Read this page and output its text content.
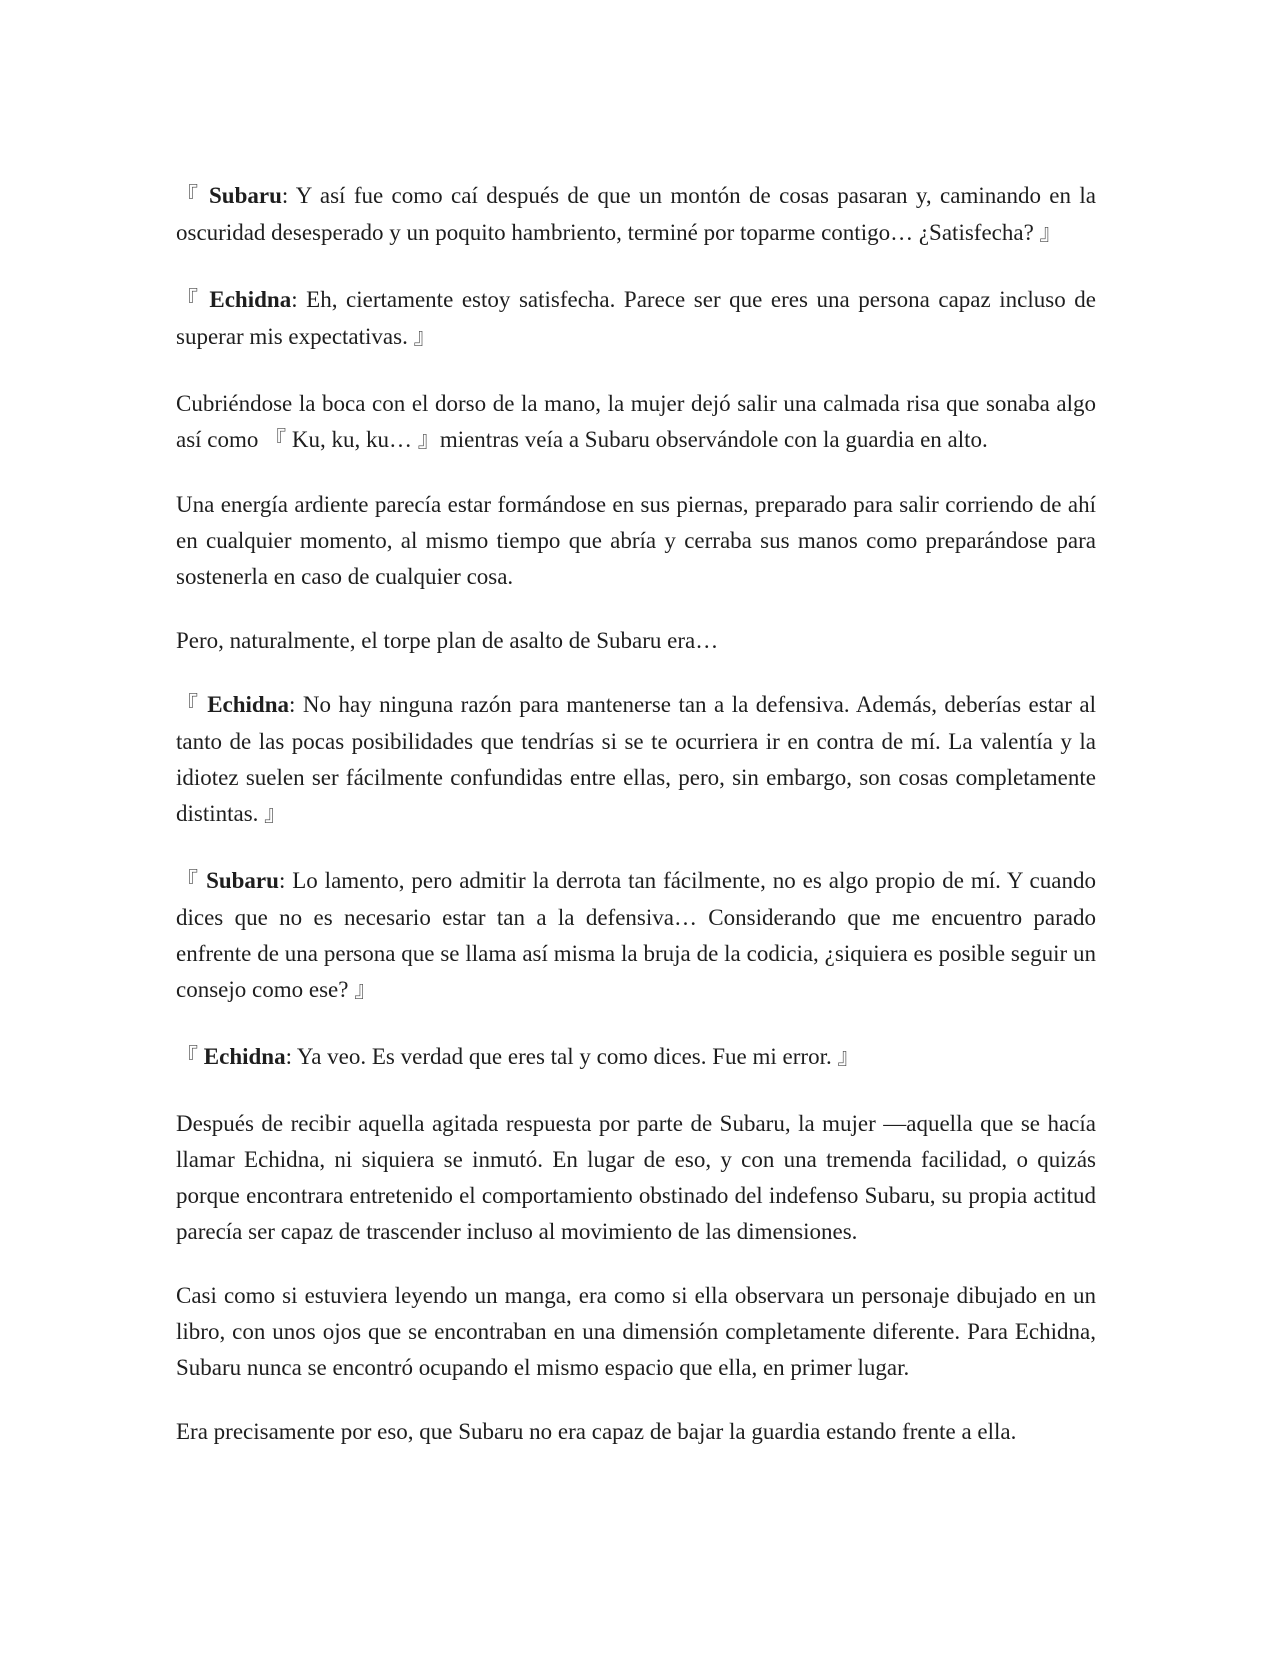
『 Subaru: Y así fue como caí después de que un montón de cosas pasaran y, caminando en la oscuridad desesperado y un poquito hambriento, terminé por toparme contigo… ¿Satisfecha? 』

『 Echidna: Eh, ciertamente estoy satisfecha. Parece ser que eres una persona capaz incluso de superar mis expectativas. 』

Cubriéndose la boca con el dorso de la mano, la mujer dejó salir una calmada risa que sonaba algo así como 『 Ku, ku, ku… 』mientras veía a Subaru observándole con la guardia en alto.

Una energía ardiente parecía estar formándose en sus piernas, preparado para salir corriendo de ahí en cualquier momento, al mismo tiempo que abría y cerraba sus manos como preparándose para sostenerla en caso de cualquier cosa.

Pero, naturalmente, el torpe plan de asalto de Subaru era…

『 Echidna: No hay ninguna razón para mantenerse tan a la defensiva. Además, deberías estar al tanto de las pocas posibilidades que tendrías si se te ocurriera ir en contra de mí. La valentía y la idiotez suelen ser fácilmente confundidas entre ellas, pero, sin embargo, son cosas completamente distintas. 』

『 Subaru: Lo lamento, pero admitir la derrota tan fácilmente, no es algo propio de mí. Y cuando dices que no es necesario estar tan a la defensiva… Considerando que me encuentro parado enfrente de una persona que se llama así misma la bruja de la codicia, ¿siquiera es posible seguir un consejo como ese? 』

『 Echidna: Ya veo. Es verdad que eres tal y como dices. Fue mi error. 』

Después de recibir aquella agitada respuesta por parte de Subaru, la mujer —aquella que se hacía llamar Echidna, ni siquiera se inmutó. En lugar de eso, y con una tremenda facilidad, o quizás porque encontrara entretenido el comportamiento obstinado del indefenso Subaru, su propia actitud parecía ser capaz de trascender incluso al movimiento de las dimensiones.

Casi como si estuviera leyendo un manga, era como si ella observara un personaje dibujado en un libro, con unos ojos que se encontraban en una dimensión completamente diferente. Para Echidna, Subaru nunca se encontró ocupando el mismo espacio que ella, en primer lugar.

Era precisamente por eso, que Subaru no era capaz de bajar la guardia estando frente a ella.
